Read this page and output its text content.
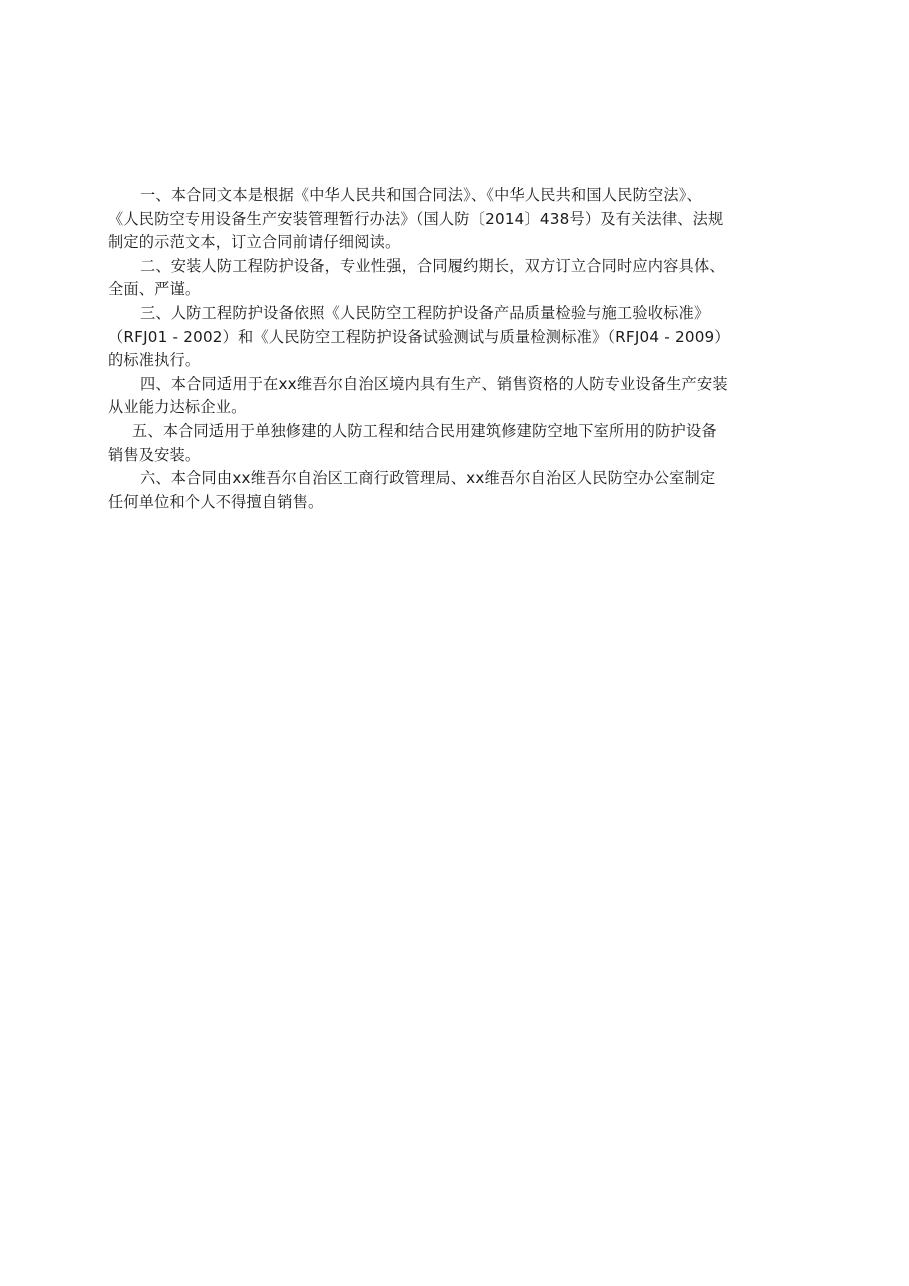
一、本合同文本是根据《中华人民共和国合同法》、《中华人民共和国人民防空法》、
《人民防空专用设备生产安装管理暂行办法》（国人防〔2014〕438号）及有关法律、法规
制定的示范文本，订立合同前请仔细阅读。

二、安装人防工程防护设备，专业性强，合同履约期长，双方订立合同时应内容具体、
全面、严谨。

三、人防工程防护设备依照《人民防空工程防护设备产品质量检验与施工验收标准》
（RFJ01 - 2002）和《人民防空工程防护设备试验测试与质量检测标准》（RFJ04 - 2009）
的标准执行。

四、本合同适用于在xx维吾尔自治区境内具有生产、销售资格的人防专业设备生产安装
从业能力达标企业。

五、本合同适用于单独修建的人防工程和结合民用建筑修建防空地下室所用的防护设备
销售及安装。

六、本合同由xx维吾尔自治区工商行政管理局、xx维吾尔自治区人民防空办公室制定
任何单位和个人不得擅自销售。
